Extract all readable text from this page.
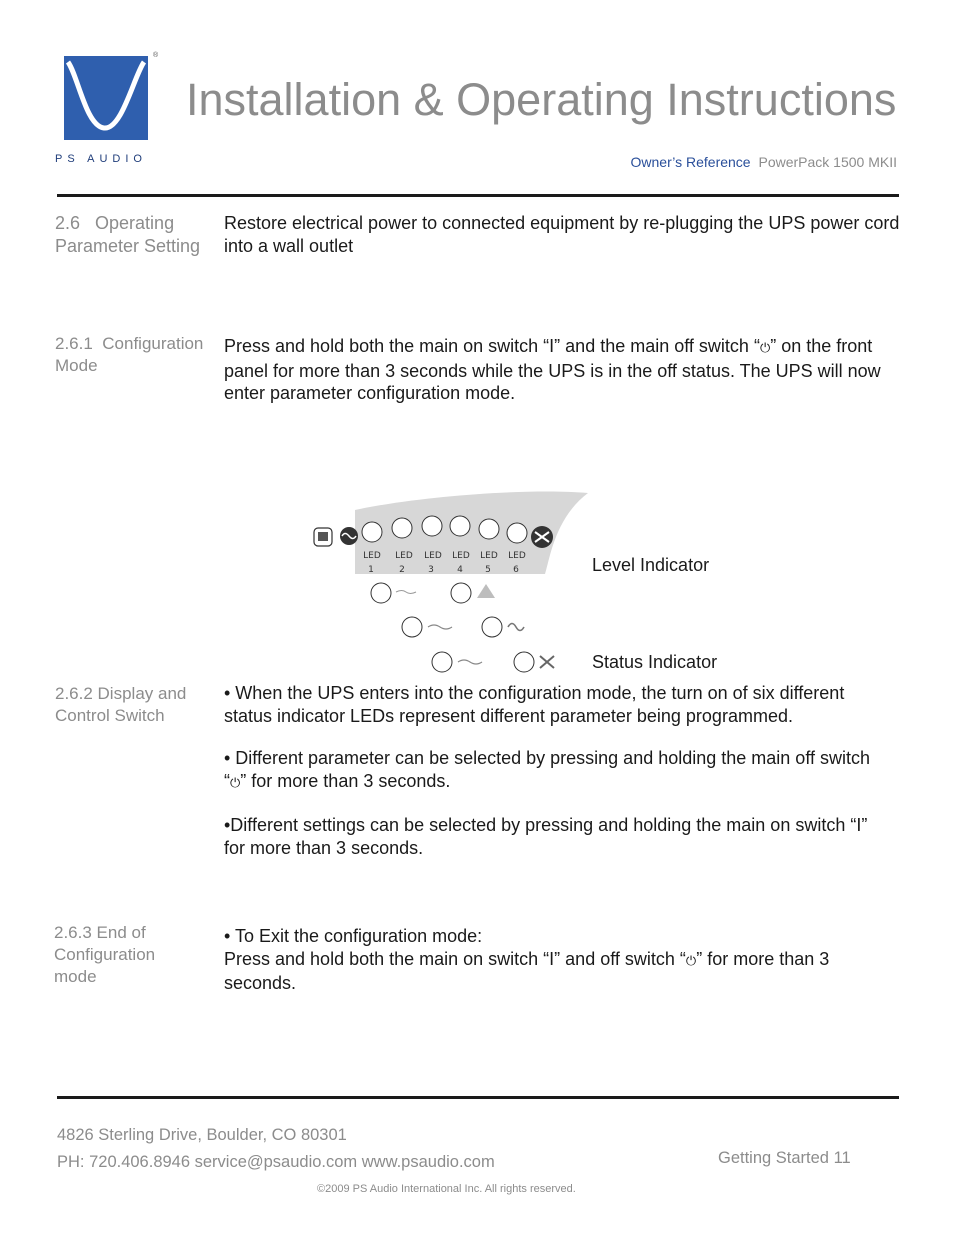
®
PS AUDIO
Installation & Operating Instructions
Owner’s Reference PowerPack 1500 MKII
2.6   Operating
Parameter Setting

Restore electrical power to connected equipment by re-plugging the UPS power cord into a wall outlet

2.6.1  Configuration
Mode

Press and hold both the main on switch “I” and the main off switch “⏻” on the front panel for more than 3 seconds while the UPS is in the off status. The UPS will now enter parameter configuration mode.

LED LED LED LED LED LED
1	2	3	4 5 6	Level Indicator
Status Indicator
2.6.2 Display and
Control Switch

• When the UPS enters into the configuration mode, the turn on of six different status indicator LEDs represent different parameter being programmed.

• Different parameter can be selected by pressing and holding the main off switch “⏻” for more than 3 seconds.

•Different settings can be selected by pressing and holding the main on switch “I” for more than 3 seconds.

2.6.3 End of
Configuration
mode

• To Exit the configuration mode:

Press and hold both the main on switch “I” and off switch “⏻” for more than 3 seconds.

4826 Sterling Drive, Boulder, CO 80301
PH: 720.406.8946 service@psaudio.com www.psaudio.com	Getting Started 11
©2009 PS Audio International Inc. All rights reserved.
